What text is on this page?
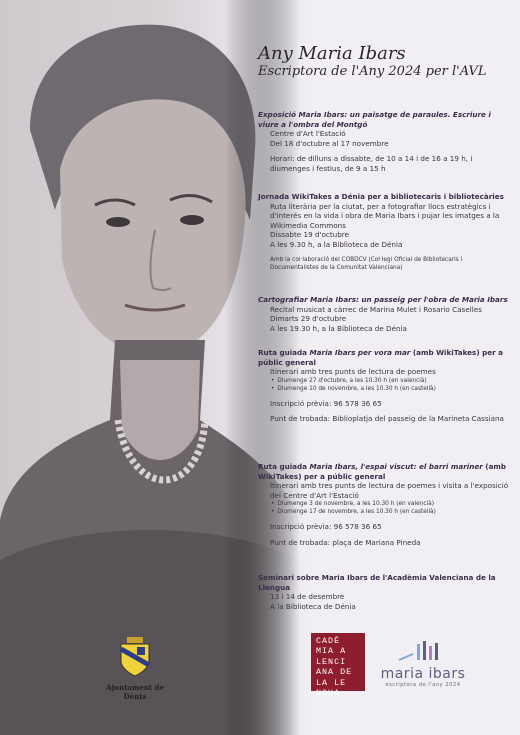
Any Maria Ibars
Escriptora de l'Any 2024 per l'AVL
Exposició Maria Ibars: un paisatge de paraules. Escriure i viure a l'ombra del Montgó
Centre d'Art l'Estació
Del 18 d'octubre al 17 novembre
Horari: de dilluns a dissabte, de 10 a 14 i de 16 a 19 h, i diumenges i festius, de 9 a 15 h
Jornada WikiTakes a Dénia per a bibliotecaris i bibliotecàries
Ruta literària per la ciutat, per a fotografiar llocs estratègics i d'interés en la vida i obra de Maria Ibars i pujar les imatges a la Wikimedia Commons
Dissabte 19 d'octubre
A les 9.30 h, a la Biblioteca de Dénia
Amb la col·laboració del COBDCV (Col·legi Oficial de Bibliotecaris i Documentalistes de la Comunitat Valenciana)
Cartografiar Maria Ibars: un passeig per l'obra de Maria Ibars
Recital musicat a càrrec de Marina Mulet i Rosario Caselles
Dimarts 29 d'octubre
A les 19.30 h, a la Biblioteca de Dénia
Ruta guiada Maria Ibars per vora mar (amb WikiTakes) per a públic general
Itinerari amb tres punts de lectura de poemes
• Diumenge 27 d'octubre, a les 10.30 h (en valencià)
• Diumenge 10 de novembre, a les 10.30 h (en castellà)
Inscripció prèvia: 96 578 36 65
Punt de trobada: Biblioplatja del passeig de la Marineta Cassiana
Ruta guiada Maria Ibars, l'espai viscut: el barri mariner (amb WikiTakes) per a públic general
Itinerari amb tres punts de lectura de poemes i visita a l'exposició del Centre d'Art l'Estació
• Diumenge 3 de novembre, a les 10.30 h (en valencià)
• Diumenge 17 de novembre, a les 10.30 h (en castellà)
Inscripció prèvia: 96 578 36 65
Punt de trobada: plaça de Mariana Pineda
Seminari sobre Maria Ibars de l'Acadèmia Valenciana de la Llengua
13 i 14 de desembre
A la Biblioteca de Dénia
Ajuntament de Dénia
CADÈ MIA A LENCI ANA DE LA LE NGUA
maria ibars
escriptora de l'any 2024
